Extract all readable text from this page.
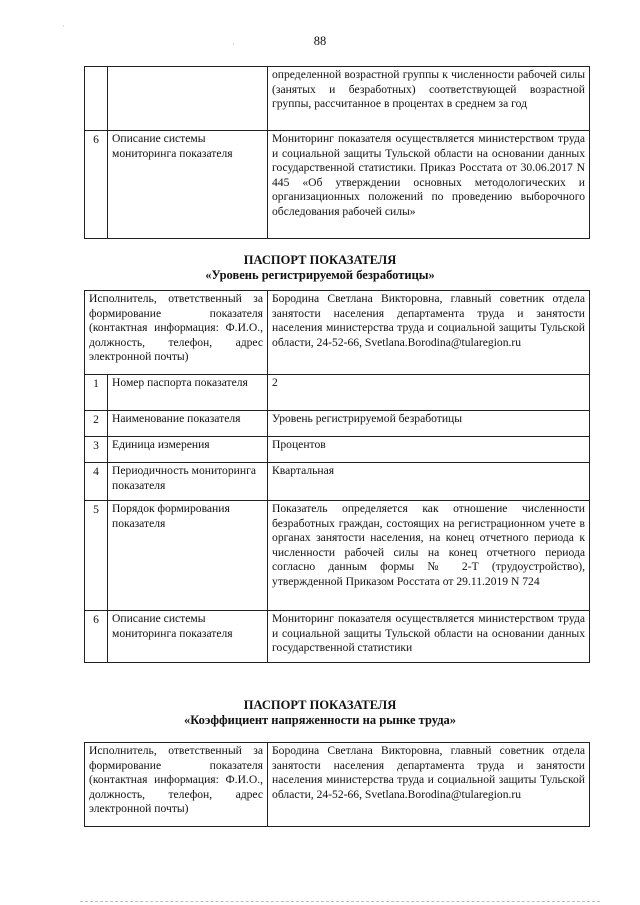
88
		определенной возрастной группы к численности рабочей силы (занятых и безработных) соответствующей возрастной группы, рассчитанное в процентах в среднем за год
6	Описание системы мониторинга показателя	Мониторинг показателя осуществляется министерством труда и социальной защиты Тульской области на основании данных государственной статистики. Приказ Росстата от 30.06.2017 N 445 «Об утверждении основных методологических и организационных положений по проведению выборочного обследования рабочей силы»
ПАСПОРТ ПОКАЗАТЕЛЯ
«Уровень регистрируемой безработицы»
Исполнитель, ответственный за формирование показателя (контактная информация: Ф.И.О., должность, телефон, адрес электронной почты)		Бородина Светлана Викторовна, главный советник отдела занятости населения департамента труда и занятости населения министерства труда и социальной защиты Тульской области, 24-52-66, Svetlana.Borodina@tularegion.ru
1	Номер паспорта показателя	2
2	Наименование показателя	Уровень регистрируемой безработицы
3	Единица измерения	Процентов
4	Периодичность мониторинга показателя	Квартальная
5	Порядок формирования показателя	Показатель определяется как отношение численности безработных граждан, состоящих на регистрационном учете в органах занятости населения, на конец отчетного периода к численности рабочей силы на конец отчетного периода согласно данным формы № 2-Т (трудоустройство), утвержденной Приказом Росстата от 29.11.2019 N 724
6	Описание системы мониторинга показателя	Мониторинг показателя осуществляется министерством труда и социальной защиты Тульской области на основании данных государственной статистики
ПАСПОРТ ПОКАЗАТЕЛЯ
«Коэффициент напряженности на рынке труда»
Исполнитель, ответственный за формирование показателя (контактная информация: Ф.И.О., должность, телефон, адрес электронной почты)	Бородина Светлана Викторовна, главный советник отдела занятости населения департамента труда и занятости населения министерства труда и социальной защиты Тульской области, 24-52-66, Svetlana.Borodina@tularegion.ru
·
·
